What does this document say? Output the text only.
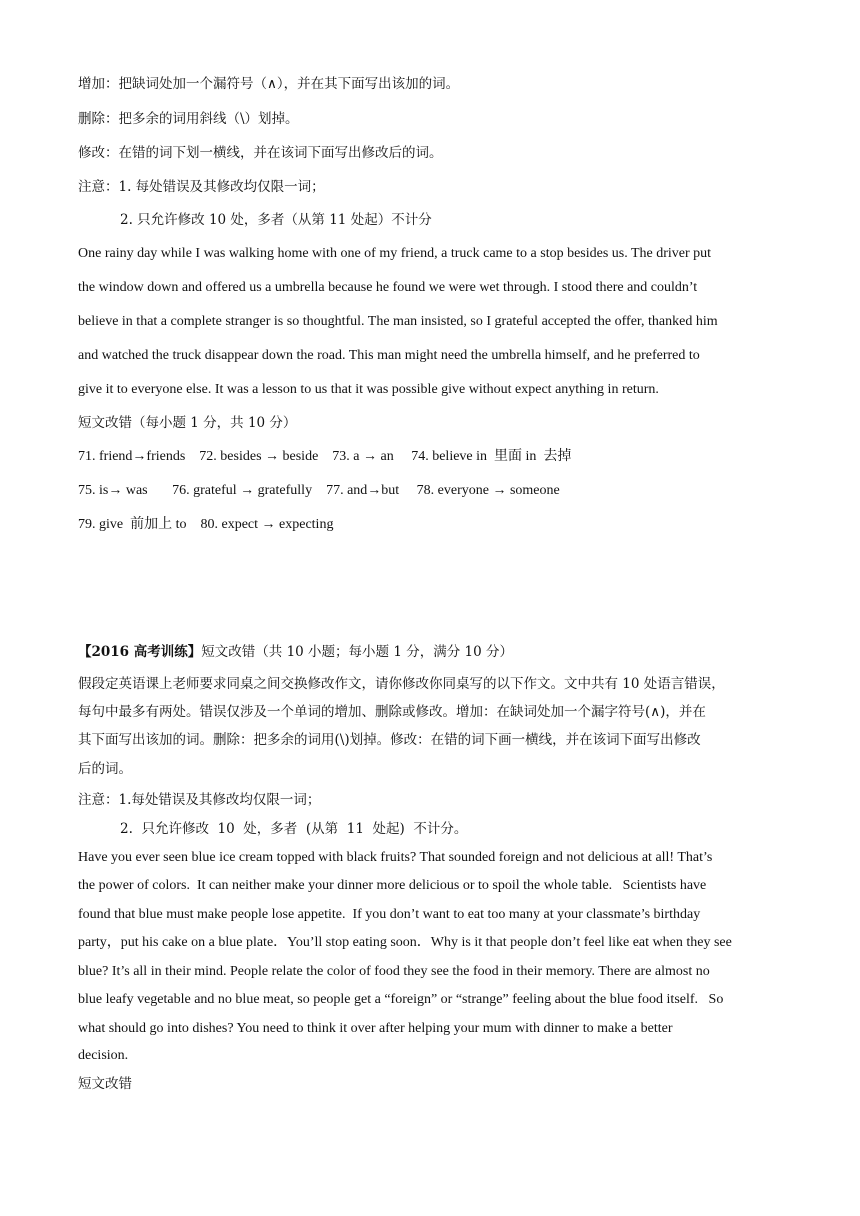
增加：把缺词处加一个漏符号（∧），并在其下面写出该加的词。
删除：把多余的词用斜线（\）划掉。
修改：在错的词下划一横线，并在该词下面写出修改后的词。
注意：1. 每处错误及其修改均仅限一词；
2. 只允许修改 10 处，多者（从第 11 处起）不计分
One rainy day while I was walking home with one of my friend, a truck came to a stop besides us. The driver put
the window down and offered us a umbrella because he found we were wet through. I stood there and couldn’t
believe in that a complete stranger is so thoughtful. The man insisted, so I grateful accepted the offer, thanked him
and watched the truck disappear down the road. This man might need the umbrella himself, and he preferred to
give it to everyone else. It was a lesson to us that it was possible give without expect anything in return.
短文改错（每小题 1 分，共 10 分）
71. friend→friends    72. besides → beside    73. a → an     74. believe in  里面 in  去掉
75. is→ was       76. grateful → gratefully    77. and→but     78. everyone → someone
79. give  前加上 to    80. expect → expecting
【2016 高考训练】短文改错（共 10 小题；每小题 1 分，满分 10 分）
假段定英语课上老师要求同桌之间交换修改作文，请你修改你同桌写的以下作文。文中共有 10 处语言错误，
每句中最多有两处。错误仅涉及一个单词的增加、删除或修改。增加：在缺词处加一个漏字符号(∧)，并在
其下面写出该加的词。删除：把多余的词用(\)划掉。修改：在错的词下画一横线，并在该词下面写出修改
后的词。
注意：1.每处错误及其修改均仅限一词；
2.  只允许修改  10  处，多者  (从第  11  处起)  不计分。
Have you ever seen blue ice cream topped with black fruits? That sounded foreign and not delicious at all! That’s
the power of colors.  It can neither make your dinner more delicious or to spoil the whole table.   Scientists have
found that blue must make people lose appetite.  If you don’t want to eat too many at your classmate’s birthday
party，put his cake on a blue plate．You’ll stop eating soon．Why is it that people don’t feel like eat when they see
blue? It’s all in their mind. People relate the color of food they see the food in their memory. There are almost no
blue leafy vegetable and no blue meat, so people get a “foreign” or “strange” feeling about the blue food itself.   So
what should go into dishes? You need to think it over after helping your mum with dinner to make a better
decision.
短文改错
